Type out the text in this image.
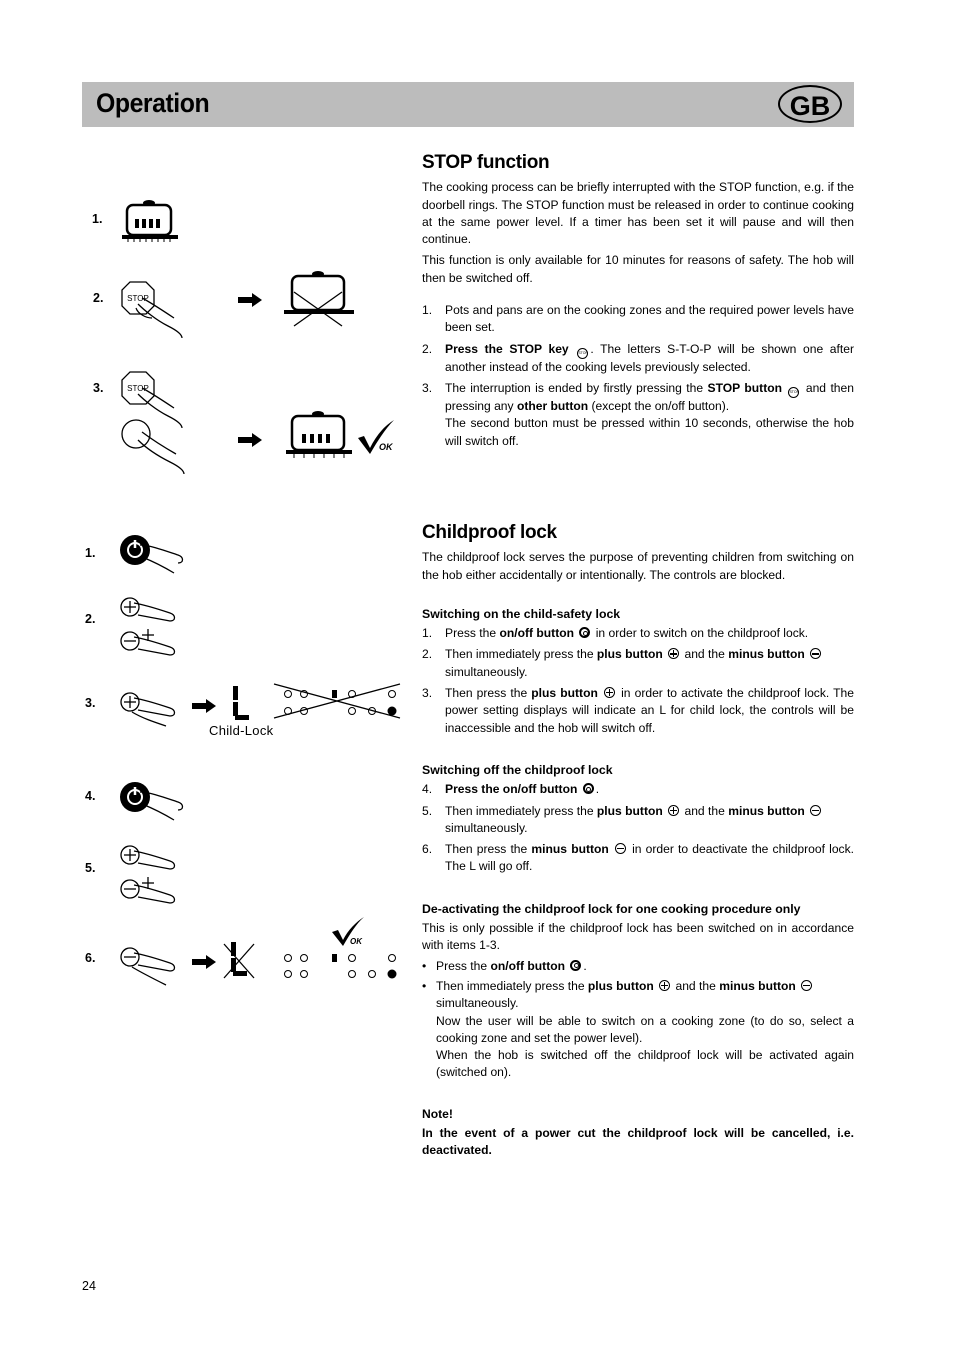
Operation	GB
STOP function

The cooking process can be briefly interrupted with the STOP function, e.g. if the doorbell rings. The STOP function must be released in order to continue cooking at the same power level. If a timer has been set it will pause and will then continue.

This function is only available for 10 minutes for reasons of safety. The hob will then be switched off.

1. Pots and pans are on the cooking zones and the required power levels have been set.
2. Press the STOP key	STOP . The letters S-T-O-P will be shown one after another instead of the cooking levels previously selected.
3. The interruption is ended by firstly pressing the STOP button STOP and then pressing any other button (except the on/off button).
The second button must be pressed within 10 seconds, otherwise the hob will switch off.
Childproof lock

The childproof lock serves the purpose of preventing children from switching on the hob either accidentally or intentionally. The controls are blocked.

Switching on the child-safety lock
1. Press the on/off button  in order to switch on the childproof lock.
2. Then immediately press the plus button  and the minus button
simultaneously.
3. Then press the plus button  in order to activate the childproof lock. The power setting displays will indicate an L for child lock, the controls will be inaccessible and the hob will switch off.
Switching off the childproof lock
4. Press the on/off button .
5. Then immediately press the plus button  and the minus button
simultaneously.
6. Then press the minus button  in order to deactivate the childproof lock. The L will go off.
De-activating the childproof lock for one cooking procedure only

This is only possible if the childproof lock has been switched on in accordance with items 1-3.

• Press the on/off button .
• Then immediately press the plus button  and the minus button
simultaneously.
Now the user will be able to switch on a cooking zone (to do so, select a cooking zone and set the power level).
When the hob is switched off the childproof lock will be activated again (switched on).

Note!

In the event of a power cut the childproof lock will be cancelled, i.e. deactivated.

1.
2.
3.
1.
2.
3.
4.
5.
6.
STOP
STOP
OK
Child-Lock
OK
24
